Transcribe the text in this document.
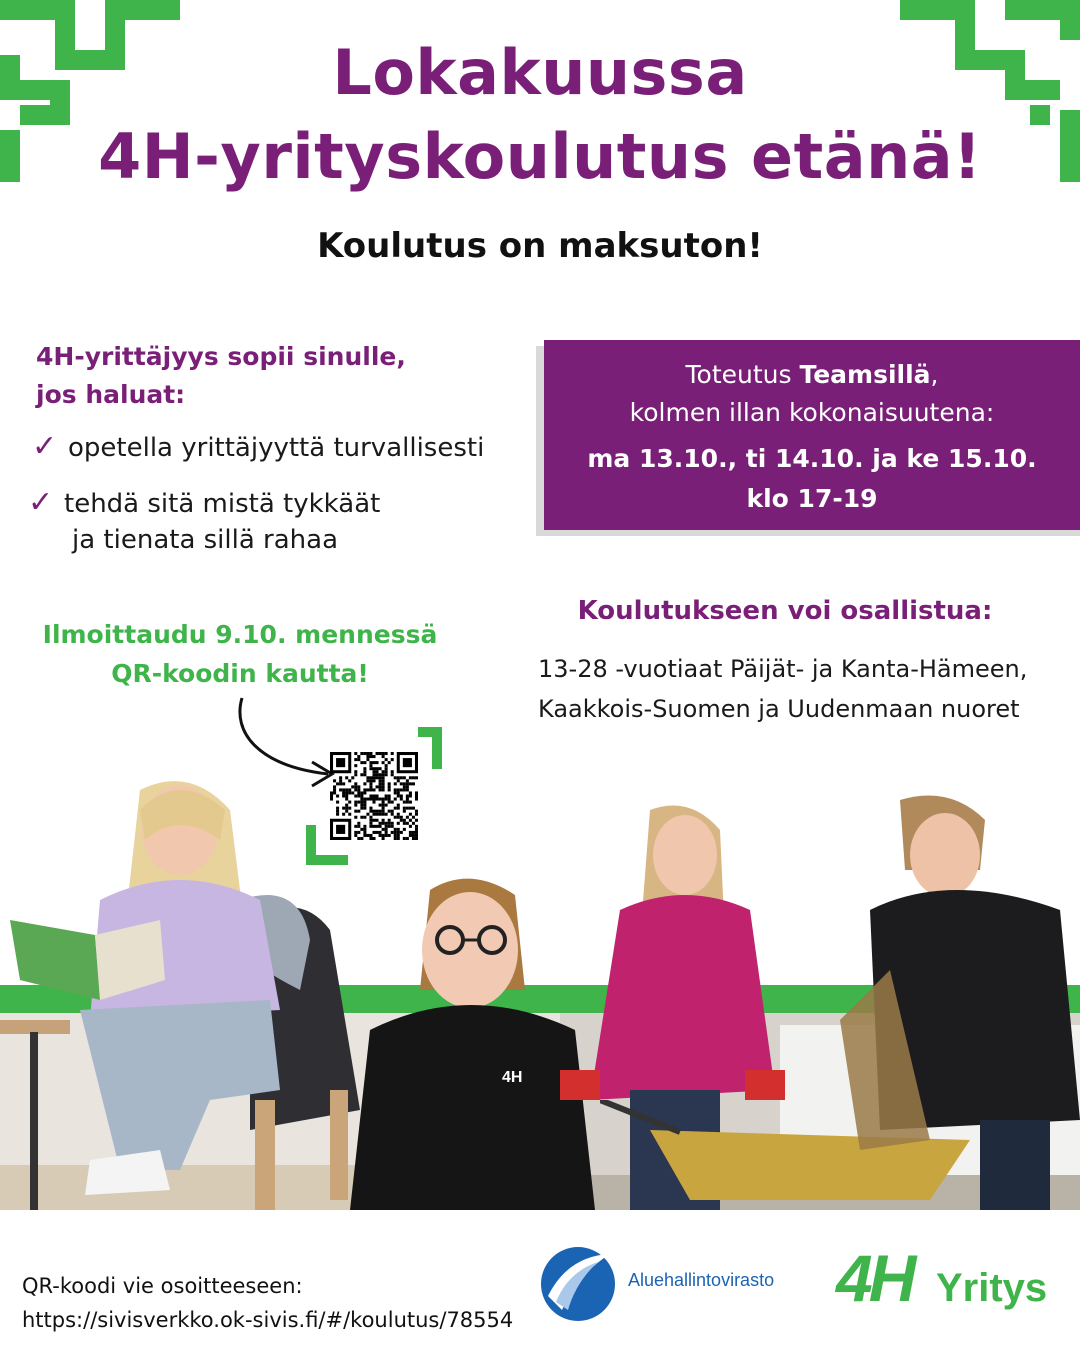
Lokakuussa
4H-yrityskoulutus etänä!
Koulutus on maksuton!
4H-yrittäjyys sopii sinulle,
jos haluat:
✓ opetella yrittäjyyttä turvallisesti
✓ tehdä sitä mistä tykkäät
ja tienata sillä rahaa
Toteutus Teamsillä,
kolmen illan kokonaisuutena:
ma 13.10., ti 14.10. ja ke 15.10.
klo 17-19
Ilmoittaudu 9.10. mennessä
QR-koodin kautta!
Koulutukseen voi osallistua:
13-28 -vuotiaat Päijät- ja Kanta-Hämeen,
Kaakkois-Suomen ja Uudenmaan nuoret
4H
QR-koodi vie osoitteeseen:
https://sivisverkko.ok-sivis.fi/#/koulutus/78554
Aluehallintovirasto 4H Yritys
